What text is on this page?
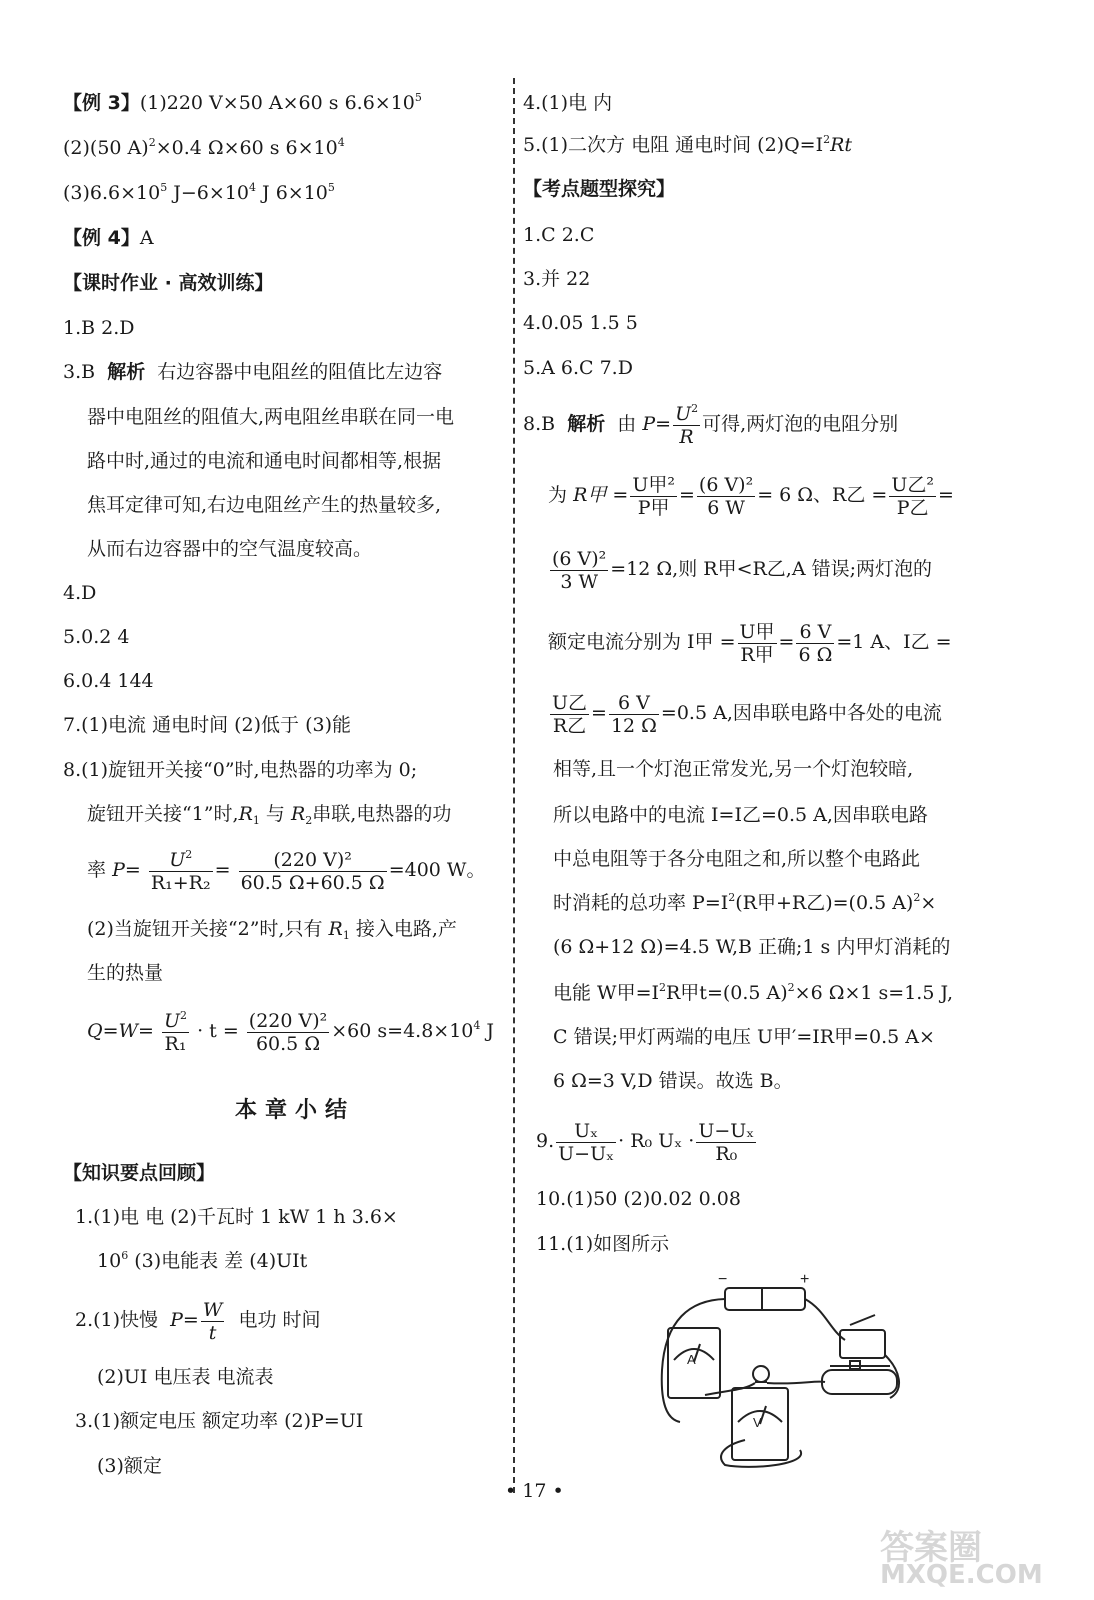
【例 3】(1)220 V×50 A×60 s $6.6\times 10^5$
(2)(50 A)$^2$×0.4 Ω×60 s $6\times 10^4$
$(3)6.6\times 10^5$ $J-6\times 10^4$ J $6\times 10^5$
【例 4】A
【课时作业 · 高效训练】
1.B 2.D
3.B 解析 右边容器中电阻丝的阻值比左边容
器中电阻丝的阻值大,两电阻丝串联在同一电
路中时,通过的电流和通电时间都相等,根据
焦耳定律可知,右边电阻丝产生的热量较多,
从而右边容器中的空气温度较高。
4.D
5.0.2 4
6.0.4 144
7.(1)电流 通电时间 (2)低于 (3)能
8.(1)旋钮开关接“0”时,电热器的功率为 0;
旋钮开关接“1”时$,R_1$ 与 $R_2$串联,电热器的功
率 $P= \frac{U^2}{\text{R₁+R₂}} = \frac{\text{(220 V)²}}{60.5 \Omega+60.5 \Omega} =400$ W。
(2)当旋钮开关接“2”时,只有 $R_1$ 接入电路,产
生的热量
$Q=W= \frac{U^2}{\text{R₁}} \cdot t = \frac{\text{(220 V)²}}{60.5 \Omega} \times 60$ $s=4.8\times 10^4$ J
本章小结
【知识要点回顾】
1.(1)电 电 (2)千瓦时 1 kW 1 h 3.6×
$10^6$ (3)电能表 差 (4)UIt
2.(1)快慢 $P= \frac{W}{t}$ 电功 时间
(2)UI 电压表 电流表
3.(1)额定电压 额定功率 (2)P=UI
(3)额定
4.(1)电 内
5.(1)二次方 电阻 通电时间 $(2)Q=I^2Rt$
【考点题型探究】
1.C 2.C
3.并 22
4.0.05 1.5 5
5.A 6.C 7.D
8.B 解析 由 $P= \frac{U^2}{R}$ 可得,两灯泡的电阻分别
为 R甲 = U甲²
P甲
= $\frac{\text{(6 V)²}}{6 W} = 6$ Ω、R乙 = U乙²
P乙
=
$\frac{\text{(6 V)²}}{3 W} =12$ Ω,则 R甲<R乙,A 错误;两灯泡的
额定电流分别为 I甲 = U甲
R甲
= $\frac{6 V}{6 \Omega} =1$ A、I乙 =
U乙
R乙
= $\frac{6 V}{12 \Omega} =0.5$ A,因串联电路中各处的电流
相等,且一个灯泡正常发光,另一个灯泡较暗,
所以电路中的电流 I=I乙=0.5 A,因串联电路
中总电阻等于各分电阻之和,所以整个电路此
时消耗的总功率 $P=I^2(R$甲+R乙)=(0.5 A)$^2$×
(6 Ω+12 Ω)=4.5 W,B 正确;1 s 内甲灯消耗的
电能 W甲$=I^2R$甲t=(0.5 A)$^2$×6 Ω×1 s=1.5 J,
C 错误;甲灯两端的电压 U甲′=IR甲=0.5 A×
6 Ω=3 V,D 错误。故选 B。
9. $\frac{\text{Uₓ}}{\text{U−Uₓ}} \cdot R_0$ $U_x \cdot \frac{\text{U−Uₓ}}{\text{R₀}}$
10.(1)50 (2)0.02 0.08
11.(1)如图所示
−	+
A
V
• 17 •
答案圈
MXQE.COM
